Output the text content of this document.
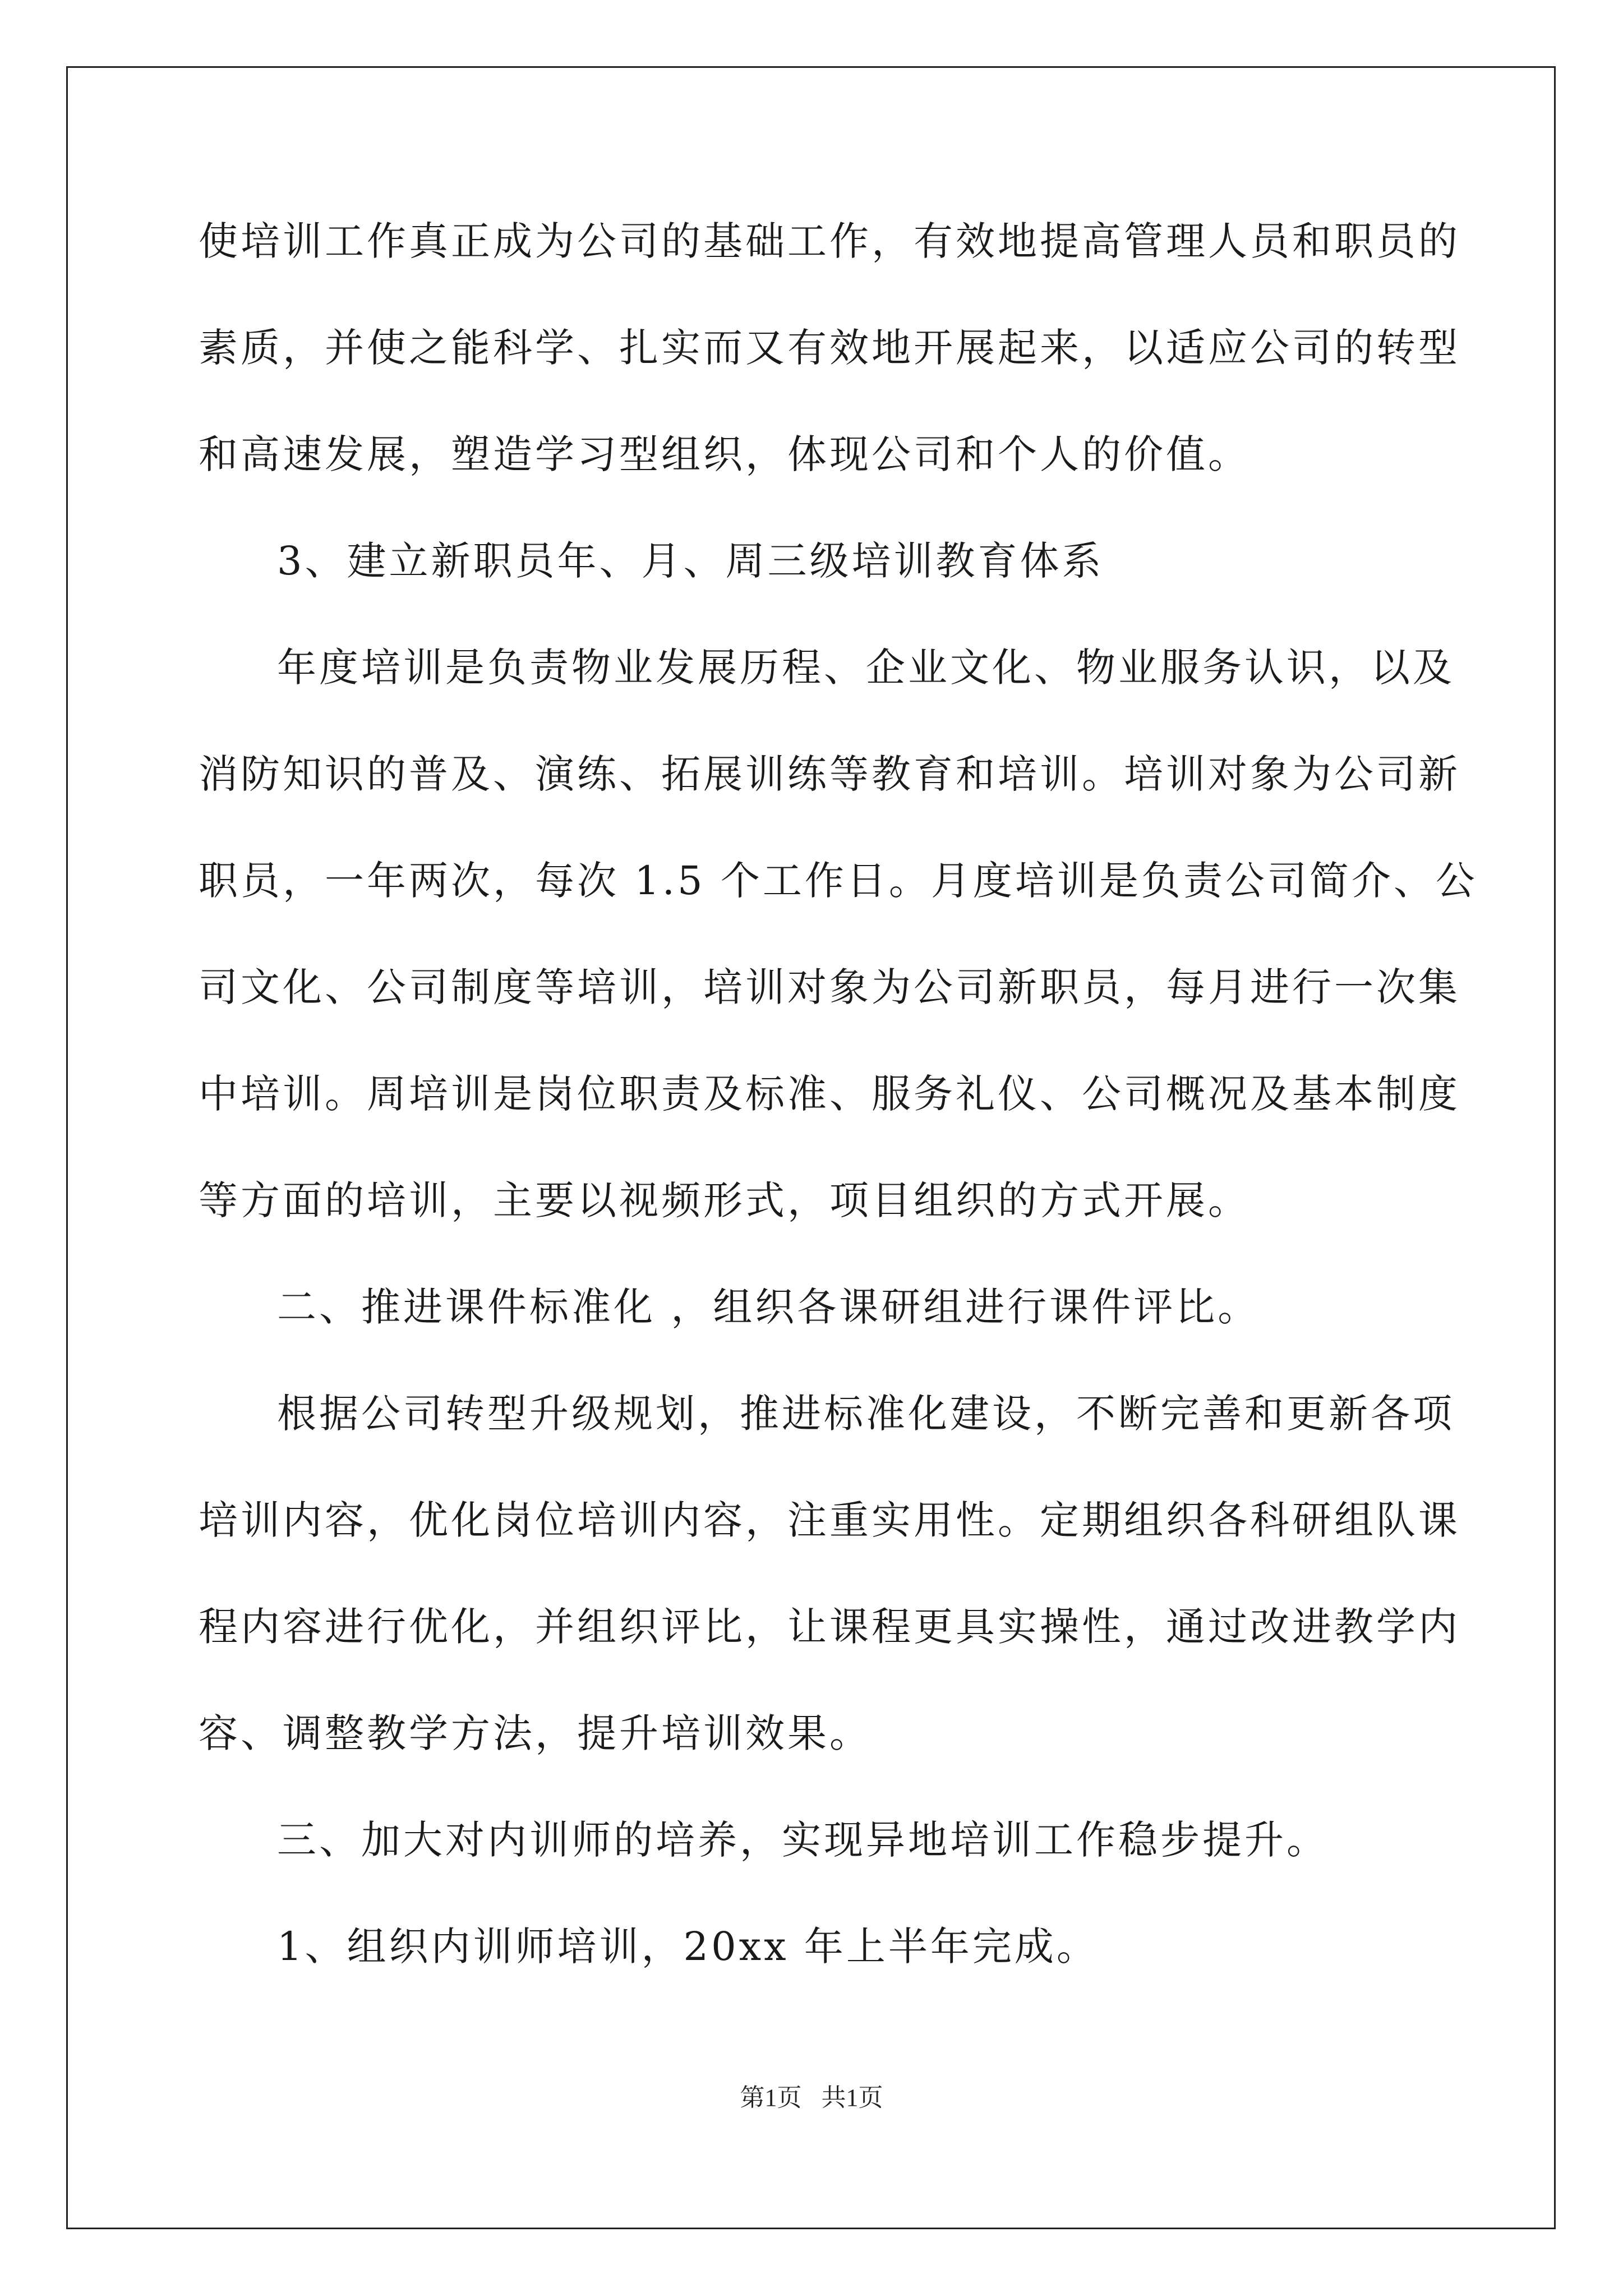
使培训工作真正成为公司的基础工作，有效地提高管理人员和职员的
素质，并使之能科学、扎实而又有效地开展起来，以适应公司的转型
和高速发展，塑造学习型组织，体现公司和个人的价值。
3、建立新职员年、月、周三级培训教育体系
年度培训是负责物业发展历程、企业文化、物业服务认识，以及
消防知识的普及、演练、拓展训练等教育和培训。培训对象为公司新
职员，一年两次，每次 1.5 个工作日。月度培训是负责公司简介、公
司文化、公司制度等培训，培训对象为公司新职员，每月进行一次集
中培训。周培训是岗位职责及标准、服务礼仪、公司概况及基本制度
等方面的培训，主要以视频形式，项目组织的方式开展。
二、推进课件标准化 ，组织各课研组进行课件评比。
根据公司转型升级规划，推进标准化建设，不断完善和更新各项
培训内容，优化岗位培训内容，注重实用性。定期组织各科研组队课
程内容进行优化，并组织评比，让课程更具实操性，通过改进教学内
容、调整教学方法，提升培训效果。
三、加大对内训师的培养，实现异地培训工作稳步提升。
1、组织内训师培训，20xx 年上半年完成。
第1页 共1页
